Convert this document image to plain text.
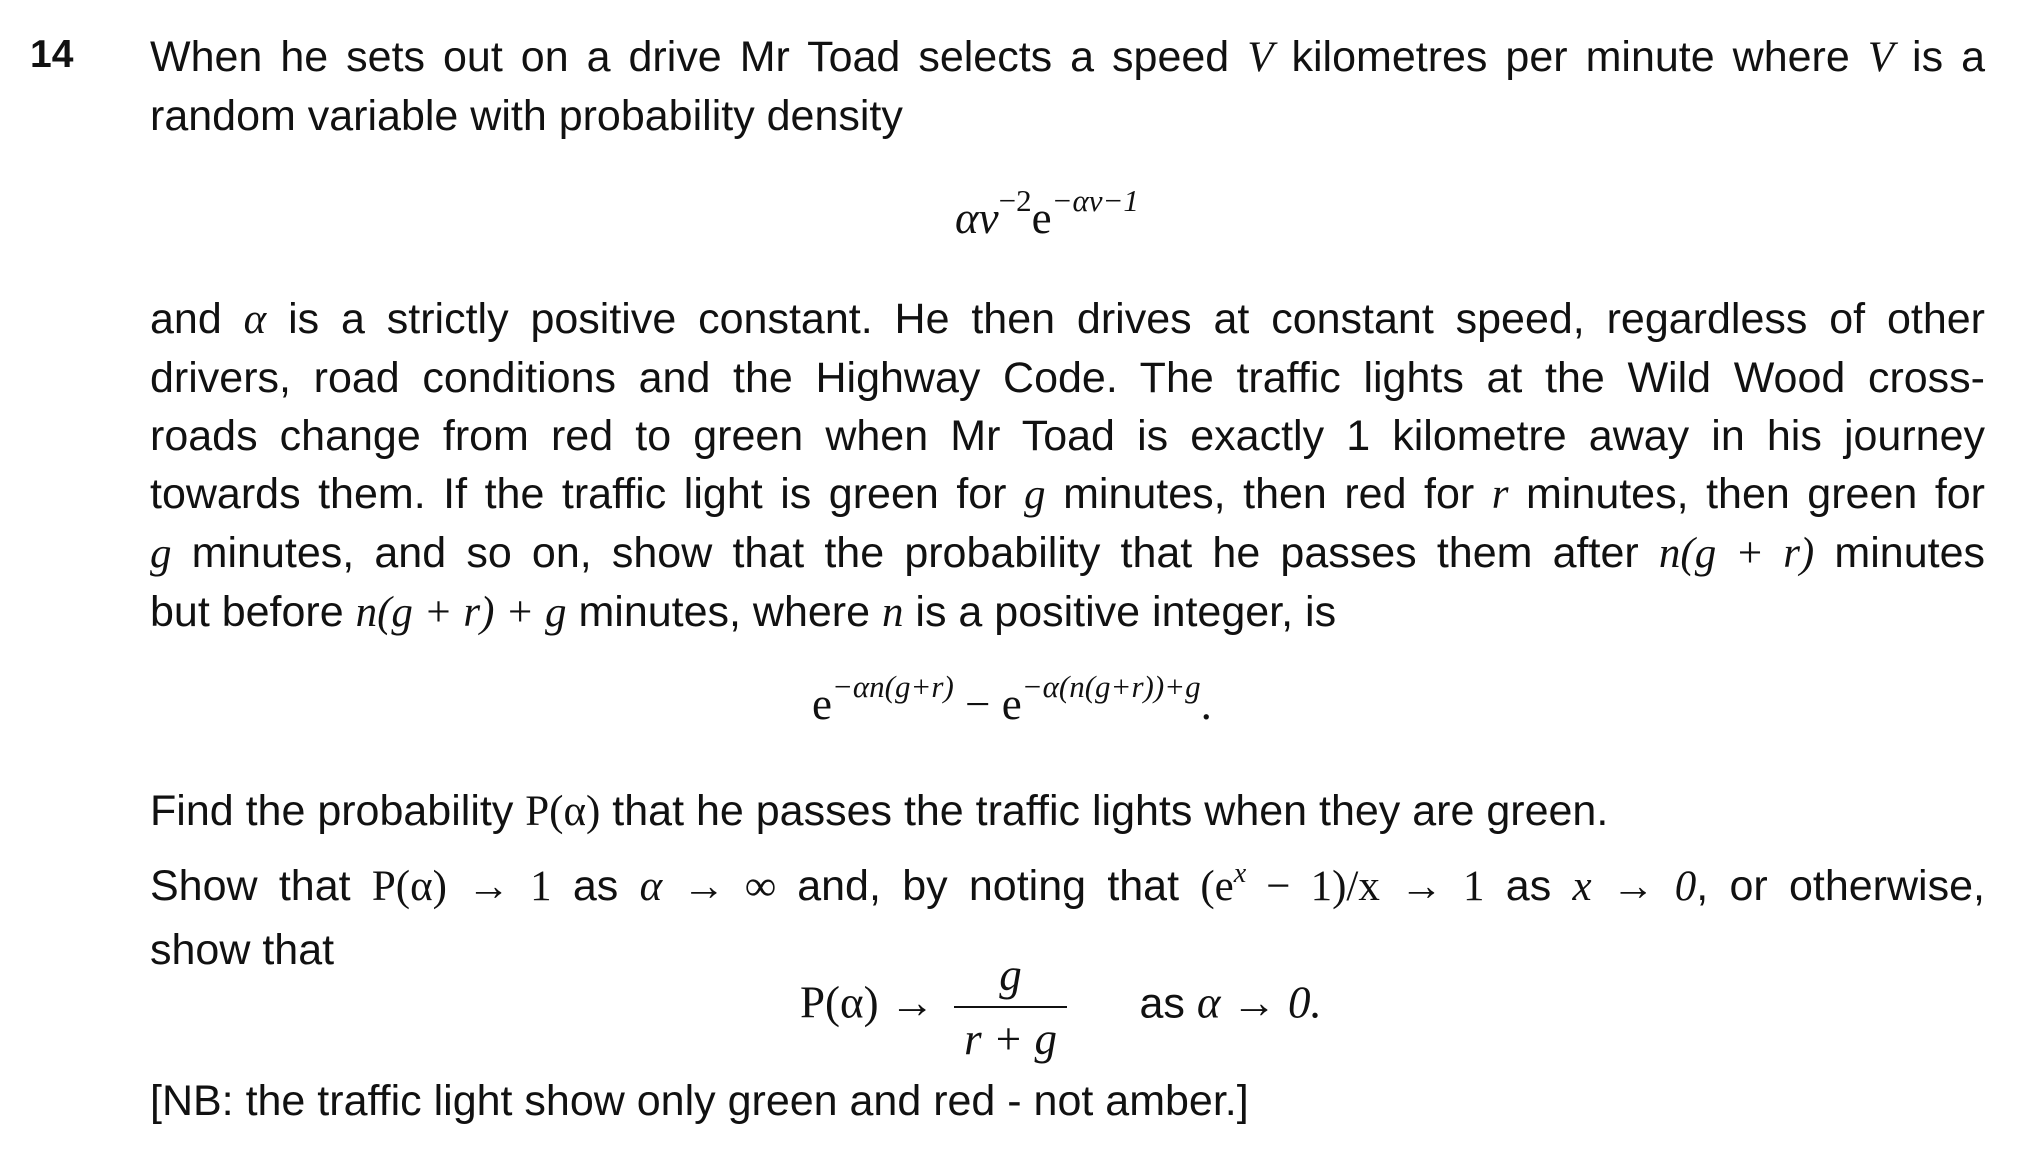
14 When he sets out on a drive Mr Toad selects a speed V kilometres per minute where V is a
random variable with probability density
$\alpha v^{-2}e^{-\alpha v-1}$
and α is a strictly positive constant. He then drives at constant speed, regardless of other
drivers, road conditions and the Highway Code. The traffic lights at the Wild Wood cross-
roads change from red to green when Mr Toad is exactly 1 kilometre away in his journey
towards them. If the traffic light is green for g minutes, then red for r minutes, then green for
g minutes, and so on, show that the probability that he passes them after n(g + r) minutes
but before n(g + r) + g minutes, where n is a positive integer, is
$e^{-\alpha n(g+r)} - e^{-\alpha(n(g+r))+g}$.
Find the probability P(α) that he passes the traffic lights when they are green.
Show that P(α) → 1 as α → ∞ and, by noting that $(e^x - 1)/x \to 1$ as x → 0, or otherwise,
show that
$P(\alpha) \to \frac{g}{r + g}$ as α → 0.
[NB: the traffic light show only green and red - not amber.]
